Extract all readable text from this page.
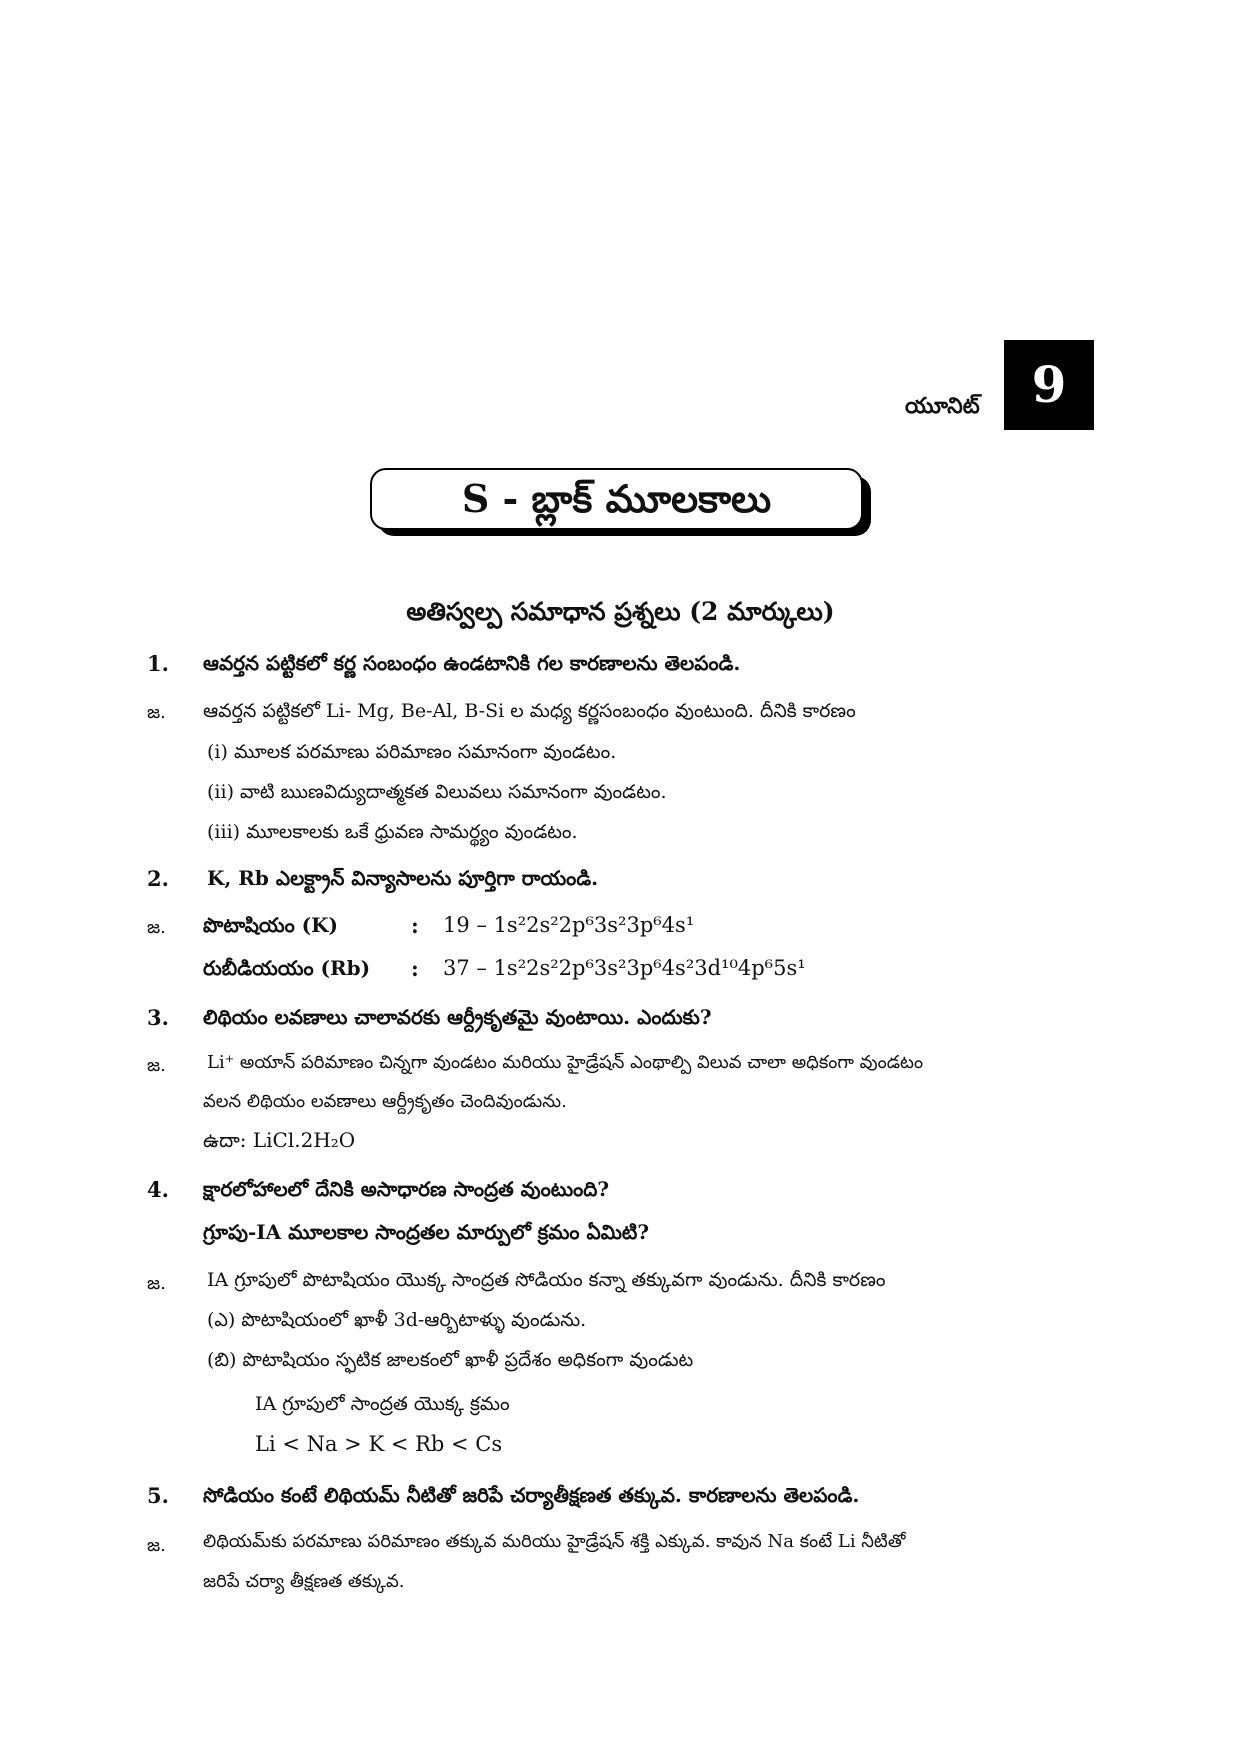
యూనిట్	9
S - బ్లాక్ మూలకాలు
అతిస్వల్ప సమాధాన ప్రశ్నలు (2 మార్కులు)
1. ఆవర్తన పట్టికలో కర్ణ సంబంధం ఉండటానికి గల కారణాలను తెలపండి.
జ. ఆవర్తన పట్టికలో Li- Mg, Be-Al, B-Si ల మధ్య కర్ణసంబంధం వుంటుంది. దీనికి కారణం
(i) మూలక పరమాణు పరిమాణం సమానంగా వుండటం.
(ii) వాటి ఋణవిద్యుదాత్మకత విలువలు సమానంగా వుండటం.
(iii) మూలకాలకు ఒకే ధ్రువణ సామర్థ్యం వుండటం.
2. K, Rb ఎలక్ట్రాన్ విన్యాసాలను పూర్తిగా రాయండి.
జ. పొటాషియం (K)	: 19 – 1s²2s²2p⁶3s²3p⁶4s¹
రుబీడియయం (Rb) : 37 – 1s²2s²2p⁶3s²3p⁶4s²3d¹⁰4p⁶5s¹
3. లిథియం లవణాలు చాలావరకు ఆర్ద్రీకృతమై వుంటాయి. ఎందుకు?
జ. Li⁺ అయాన్ పరిమాణం చిన్నగా వుండటం మరియు హైడ్రేషన్ ఎంథాల్పి విలువ చాలా అధికంగా వుండటం
వలన లిథియం లవణాలు ఆర్ద్రీకృతం చెందివుండును.
ఉదా: LiCl.2H₂O
4. క్షారలోహాలలో దేనికి అసాధారణ సాంద్రత వుంటుంది?
గ్రూపు-IA మూలకాల సాంద్రతల మార్పులో క్రమం ఏమిటి?
జ. IA గ్రూపులో పొటాషియం యొక్క సాంద్రత సోడియం కన్నా తక్కువగా వుండును. దీనికి కారణం
(ఎ) పొటాషియంలో ఖాళీ 3d-ఆర్బిటాళ్ళు వుండును.
(బి) పొటాషియం స్ఫటిక జాలకంలో ఖాళీ ప్రదేశం అధికంగా వుండుట
IA గ్రూపులో సాంద్రత యొక్క క్రమం
Li < Na > K < Rb < Cs
5. సోడియం కంటే లిథియమ్ నీటితో జరిపే చర్యాతీక్షణత తక్కువ. కారణాలను తెలపండి.
జ. లిథియమ్‌కు పరమాణు పరిమాణం తక్కువ మరియు హైడ్రేషన్ శక్తి ఎక్కువ. కావున Na కంటే Li నీటితో
జరిపే చర్యా తీక్షణత తక్కువ.
